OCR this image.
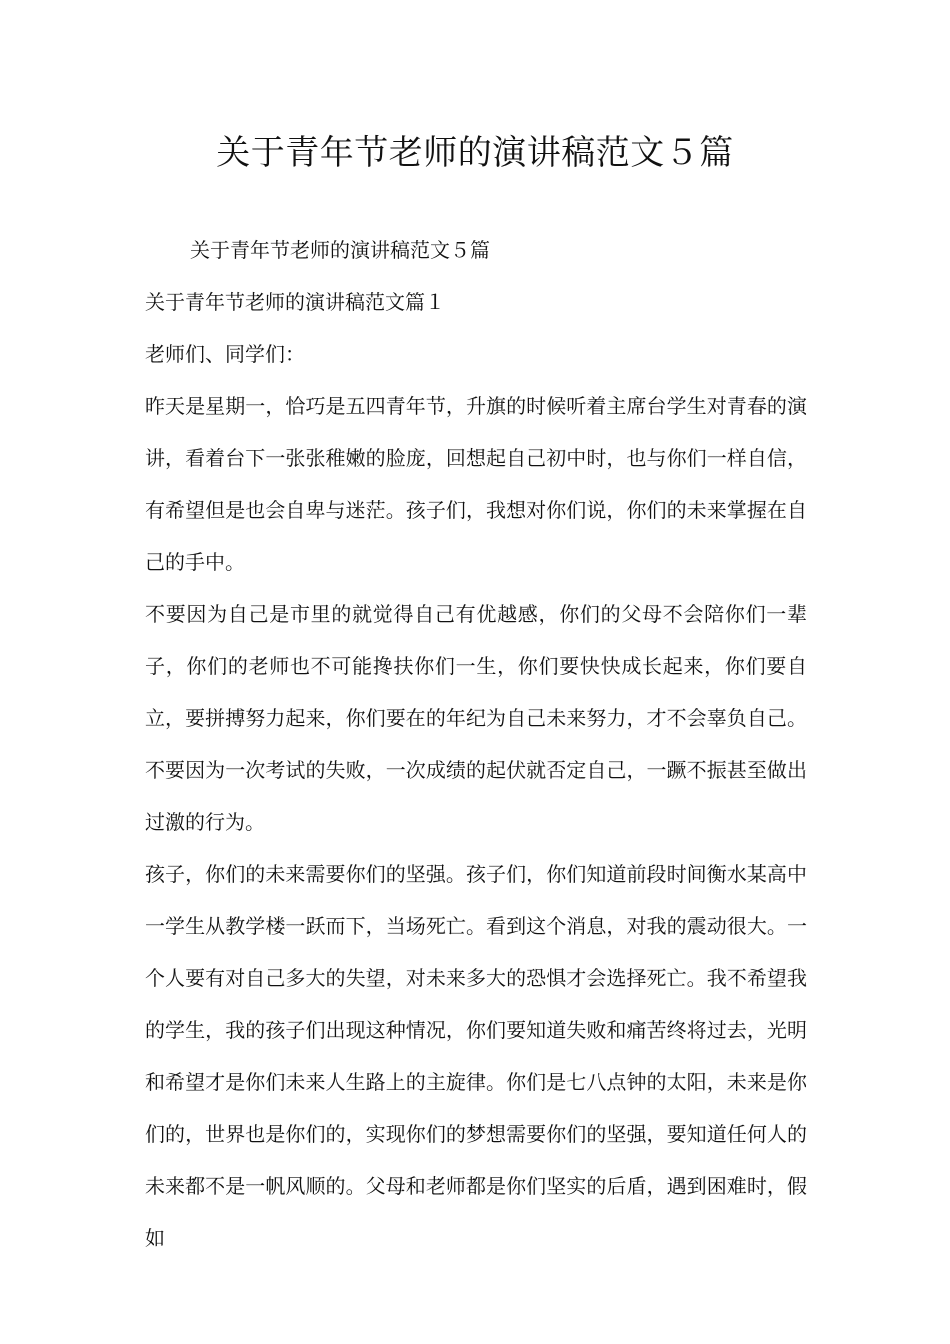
关于青年节老师的演讲稿范文５篇

关于青年节老师的演讲稿范文５篇

关于青年节老师的演讲稿范文篇１

老师们、同学们：

昨天是星期一，恰巧是五四青年节，升旗的时候听着主席台学生对青春的演讲，看着台下一张张稚嫩的脸庞，回想起自己初中时，也与你们一样自信，有希望但是也会自卑与迷茫。孩子们，我想对你们说，你们的未来掌握在自己的手中。

不要因为自己是市里的就觉得自己有优越感，你们的父母不会陪你们一辈子，你们的老师也不可能搀扶你们一生，你们要快快成长起来，你们要自立，要拼搏努力起来，你们要在的年纪为自己未来努力，才不会辜负自己。不要因为一次考试的失败，一次成绩的起伏就否定自己，一蹶不振甚至做出过激的行为。

孩子，你们的未来需要你们的坚强。孩子们，你们知道前段时间衡水某高中一学生从教学楼一跃而下，当场死亡。看到这个消息，对我的震动很大。一个人要有对自己多大的失望，对未来多大的恐惧才会选择死亡。我不希望我的学生，我的孩子们出现这种情况，你们要知道失败和痛苦终将过去，光明和希望才是你们未来人生路上的主旋律。你们是七八点钟的太阳，未来是你们的，世界也是你们的，实现你们的梦想需要你们的坚强，要知道任何人的未来都不是一帆风顺的。父母和老师都是你们坚实的后盾，遇到困难时，假如
